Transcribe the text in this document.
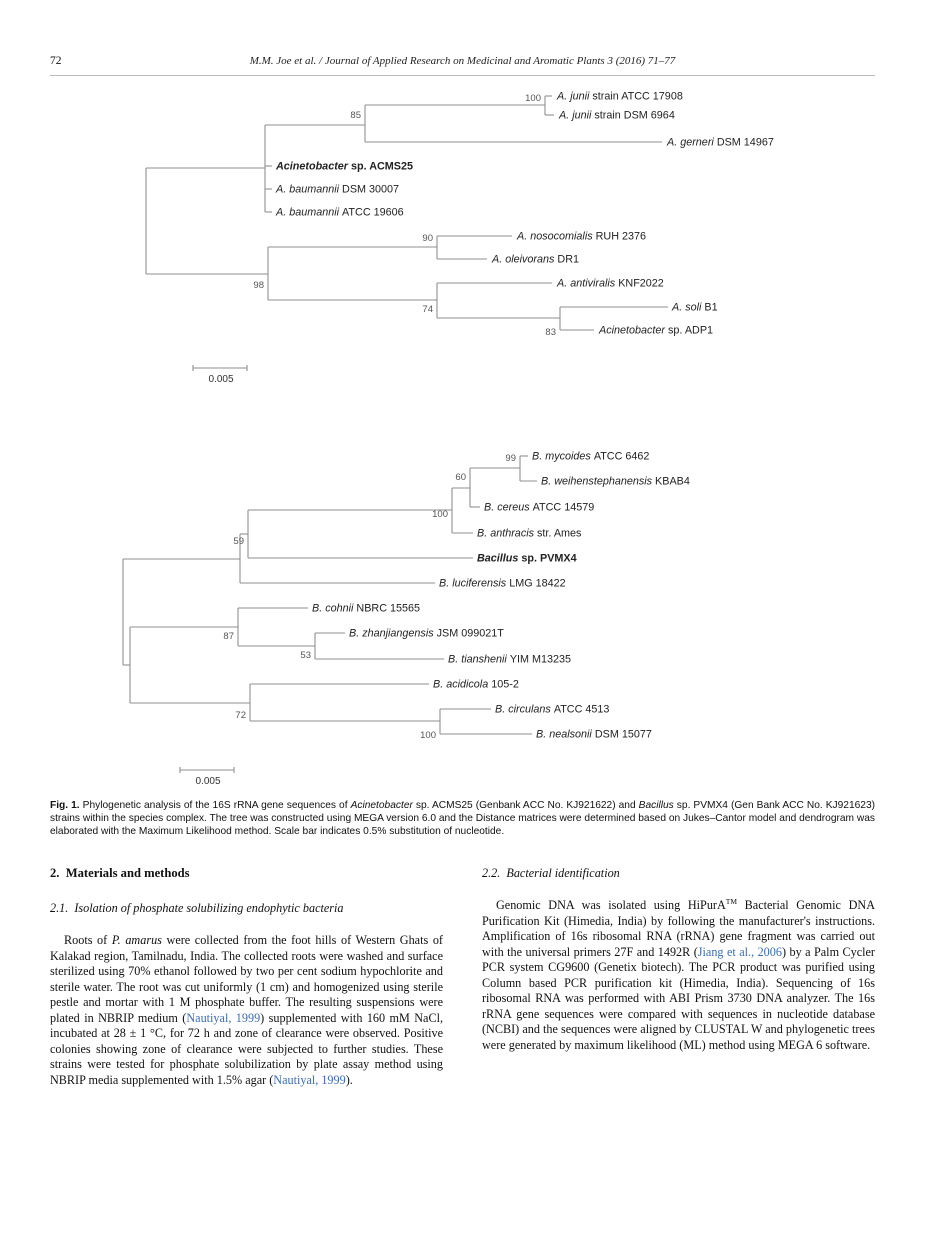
72	M.M. Joe et al. / Journal of Applied Research on Medicinal and Aromatic Plants 3 (2016) 71–77
A. junii strain ATCC 17908
A. junii strain DSM 6964
A. gerneri DSM 14967
Acinetobacter sp. ACMS25
A. baumannii DSM 30007
A. baumannii ATCC 19606
A. nosocomialis RUH 2376
A. oleivorans DR1
A. antiviralis KNF2022
A. soli B1
Acinetobacter sp. ADP1
100
85
98
90
74
83
0.005
B. mycoides ATCC 6462
B. weihenstephanensis KBAB4
B. cereus ATCC 14579
B. anthracis str. Ames
Bacillus sp. PVMX4
B. luciferensis LMG 18422
B. cohnii NBRC 15565
B. zhanjiangensis JSM 099021T
B. tianshenii YIM M13235
B. acidicola 105-2
B. circulans ATCC 4513
B. nealsonii DSM 15077
99
60
100
59
87
53
72
100
0.005
Fig. 1. Phylogenetic analysis of the 16S rRNA gene sequences of Acinetobacter sp. ACMS25 (Genbank ACC No. KJ921622) and Bacillus sp. PVMX4 (Gen Bank ACC No. KJ921623) strains within the species complex. The tree was constructed using MEGA version 6.0 and the Distance matrices were determined based on Jukes–Cantor model and dendrogram was elaborated with the Maximum Likelihood method. Scale bar indicates 0.5% substitution of nucleotide.
2.  Materials and methods
2.1.  Isolation of phosphate solubilizing endophytic bacteria

Roots of P. amarus were collected from the foot hills of Western Ghats of Kalakad region, Tamilnadu, India. The collected roots were washed and surface sterilized using 70% ethanol followed by two per cent sodium hypochlorite and sterile water. The root was cut uniformly (1 cm) and homogenized using sterile pestle and mortar with 1 M phosphate buffer. The resulting suspensions were plated in NBRIP medium (Nautiyal, 1999) supplemented with 160 mM NaCl, incubated at 28 ± 1 °C, for 72 h and zone of clearance were observed. Positive colonies showing zone of clearance were subjected to further studies. These strains were tested for phosphate solubilization by plate assay method using NBRIP media supplemented with 1.5% agar (Nautiyal, 1999).

2.2.  Bacterial identification

Genomic DNA was isolated using HiPurA™ Bacterial Genomic DNA Purification Kit (Himedia, India) by following the manufacturer's instructions. Amplification of 16s ribosomal RNA (rRNA) gene fragment was carried out with the universal primers 27F and 1492R (Jiang et al., 2006) by a Palm Cycler PCR system CG9600 (Genetix biotech). The PCR product was purified using Column based PCR purification kit (Himedia, India). Sequencing of 16s ribosomal RNA was performed with ABI Prism 3730 DNA analyzer. The 16s rRNA gene sequences were compared with sequences in nucleotide database (NCBI) and the sequences were aligned by CLUSTAL W and phylogenetic trees were generated by maximum likelihood (ML) method using MEGA 6 software.
